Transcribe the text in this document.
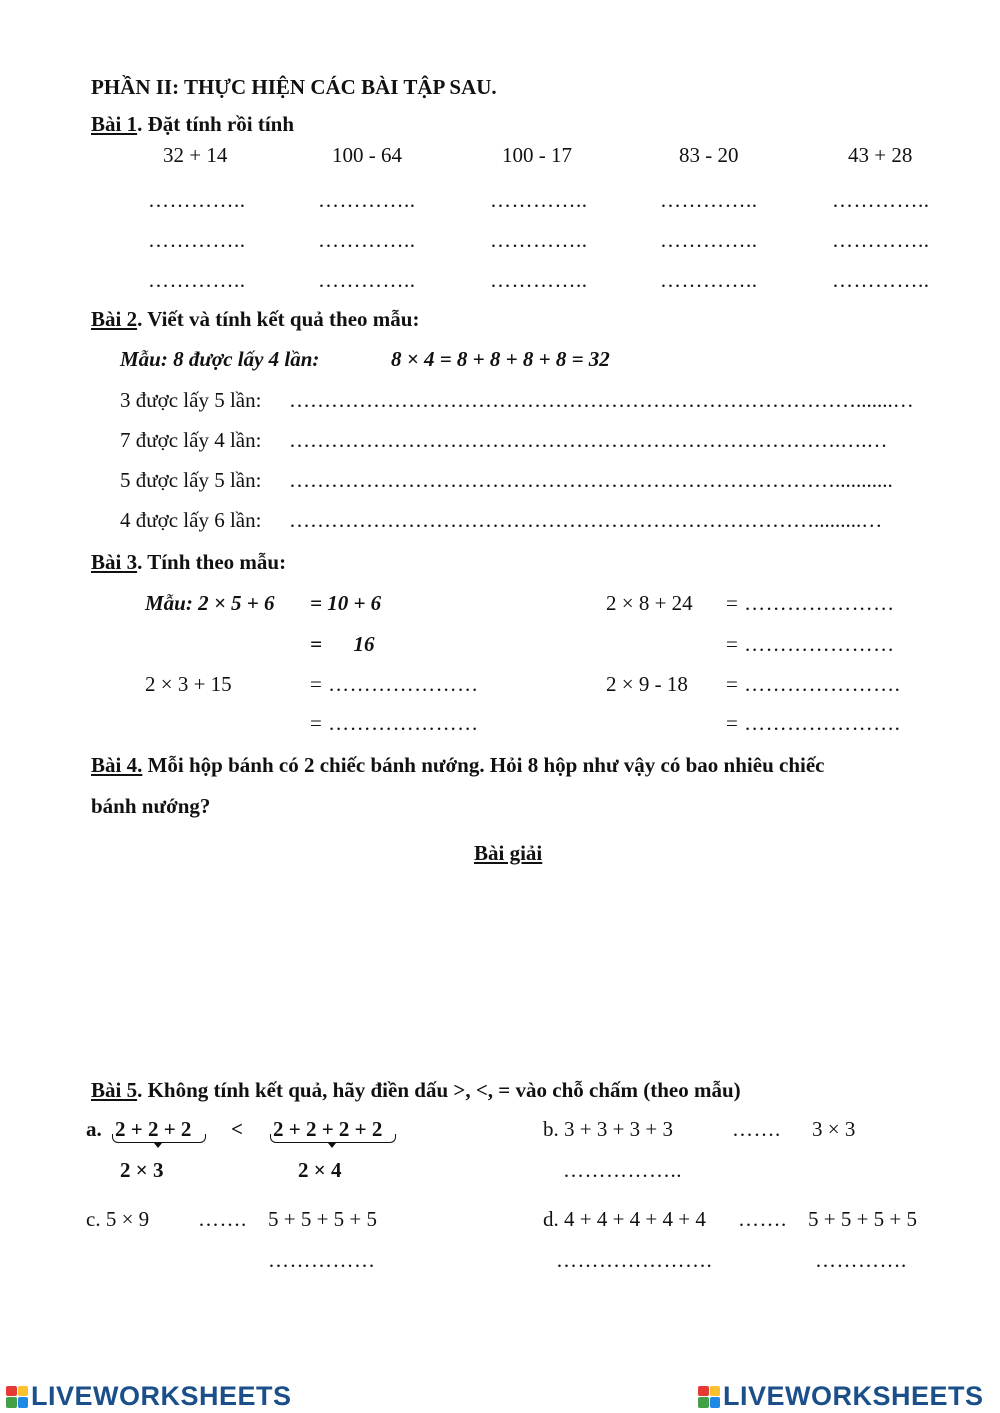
PHẦN II: THỰC HIỆN CÁC BÀI TẬP SAU.
Bài 1. Đặt tính rồi tính
32 + 14
…………..
…………..
…………..
100 - 64
…………..
…………..
…………..
100 - 17
…………..
…………..
…………..
83 - 20
…………..
…………..
…………..
43 + 28
…………..
…………..
…………..
Bài 2. Viết và tính kết quả theo mẫu:
Mẫu: 8 được lấy 4 lần:	8 × 4 = 8 + 8 + 8 + 8 = 32
3 được lấy 5 lần: ……………………………………………………………………….......…
7 được lấy 4 lần: …………………………………………………………………….….…
5 được lấy 5 lần: ……………………………………………………………………...........
4 được lấy 6 lần: ………………………………………………………………….........…
Bài 3. Tính theo mẫu:
Mẫu: 2 × 5 + 6 = 10 + 6
=      16
2 × 8 + 24 = …………………
= …………………
2 × 3 + 15	= …………………
= …………………
2 × 9 - 18 = ………………….
= ………………….
Bài 4. Mỗi hộp bánh có 2 chiếc bánh nướng. Hỏi 8 hộp như vậy có bao nhiêu chiếc
bánh nướng?
Bài giải
Bài 5. Không tính kết quả, hãy điền dấu >, <, = vào chỗ chấm (theo mẫu)
a. 2 + 2 + 2 < 2 + 2 + 2 + 2
2 × 3	2 × 4
b. 3 + 3 + 3 + 3	……. 3 × 3
……………..
c. 5 × 9 ……. 5 + 5 + 5 + 5
……………
d. 4 + 4 + 4 + 4 + 4 ……. 5 + 5 + 5 + 5
………………….	………….
LIVEWORKSHEETS	LIVEWORKSHEETS
